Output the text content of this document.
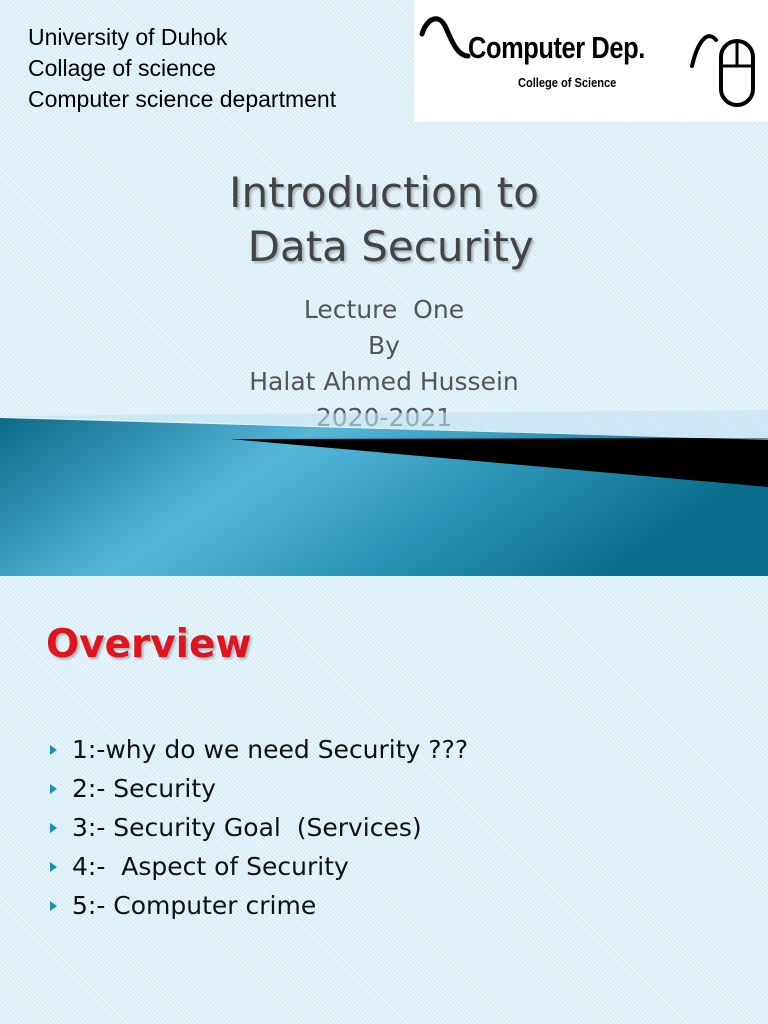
University of Duhok
Collage of science
Computer science department
Computer Dep.
College of Science
Introduction to
Data Security
Lecture  One
By
Halat Ahmed Hussein
Overview
1:-why do we need Security ???
2:- Security
3:- Security Goal  (Services)
4:-  Aspect of Security
5:- Computer crime
